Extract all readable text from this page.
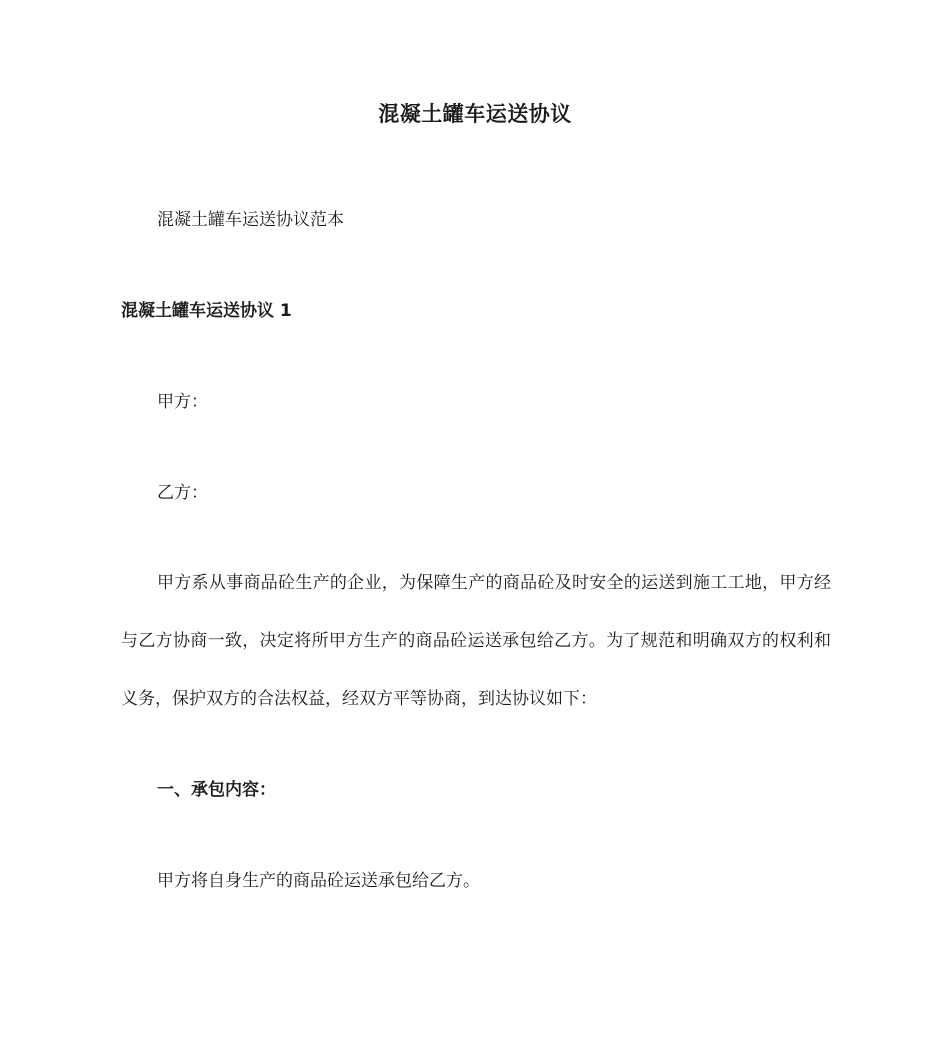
混凝土罐车运送协议
混凝土罐车运送协议范本
混凝土罐车运送协议 1
甲方：
乙方：

甲方系从事商品砼生产的企业，为保障生产的商品砼及时安全的运送到施工工地，甲方经与乙方协商一致，决定将所甲方生产的商品砼运送承包给乙方。为了规范和明确双方的权利和义务，保护双方的合法权益，经双方平等协商，到达协议如下：

一、承包内容：
甲方将自身生产的商品砼运送承包给乙方。
